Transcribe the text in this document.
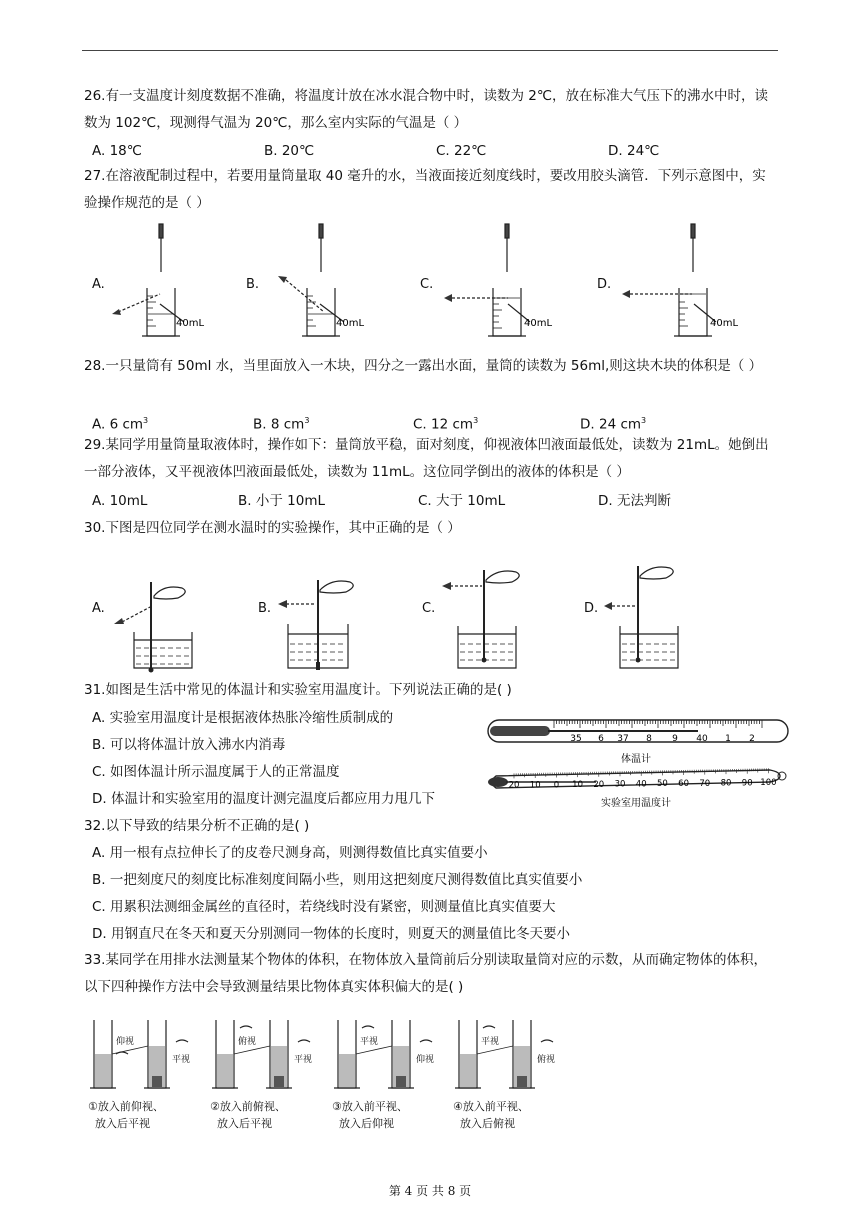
26.有一支温度计刻度数据不准确，将温度计放在冰水混合物中时，读数为 2℃，放在标准大气压下的沸水中时，读数为 102℃，现测得气温为 20℃，那么室内实际的气温是（ ）
A. 18℃	B. 20℃	C. 22℃	D. 24℃
27.在溶液配制过程中，若要用量筒量取 40 毫升的水，当液面接近刻度线时，要改用胶头滴管．下列示意图中，实验操作规范的是（ ）
A.	B.	C.	D.
40mL	40mL	40mL	40mL
28.一只量筒有 50ml 水，当里面放入一木块，四分之一露出水面，量筒的读数为 56ml,则这块木块的体积是（ ）
A. 6 $cm^3$	B. 8 $cm^3$	C. 12 $cm^3$	D. 24 $cm^3$
29.某同学用量筒量取液体时，操作如下：量筒放平稳，面对刻度，仰视液体凹液面最低处，读数为 21mL。她倒出一部分液体，又平视液体凹液面最低处，读数为 11mL。这位同学倒出的液体的体积是（ ）
A. 10mL	B. 小于 10mL	C. 大于 10mL	D. 无法判断
30.下图是四位同学在测水温时的实验操作，其中正确的是（ ）
A.	B.	C.	D.
31.如图是生活中常见的体温计和实验室用温度计。下列说法正确的是( )
A. 实验室用温度计是根据液体热胀冷缩性质制成的
B. 可以将体温计放入沸水内消毒
C. 如图体温计所示温度属于人的正常温度
D. 体温计和实验室用的温度计测完温度后都应用力甩几下
35 6 37 8 9 40 1 2
体温计
20 10 0 10 20 30 40 50 60 70 80 90 100
实验室用温度计
32.以下导致的结果分析不正确的是( )
A. 用一根有点拉伸长了的皮卷尺测身高，则测得数值比真实值要小
B. 一把刻度尺的刻度比标准刻度间隔小些，则用这把刻度尺测得数值比真实值要小
C. 用累积法测细金属丝的直径时，若绕线时没有紧密，则测量值比真实值要大
D. 用钢直尺在冬天和夏天分别测同一物体的长度时，则夏天的测量值比冬天要小
33.某同学在用排水法测量某个物体的体积，在物体放入量筒前后分别读取量筒对应的示数，从而确定物体的体积，以下四种操作方法中会导致测量结果比物体真实体积偏大的是( )
仰视
平视
①放入前仰视、
放入后平视
俯视
平视
②放入前俯视、
放入后平视
平视
仰视
③放入前平视、
放入后仰视
平视
俯视
④放入前平视、
放入后俯视
第 4 页 共 8 页
